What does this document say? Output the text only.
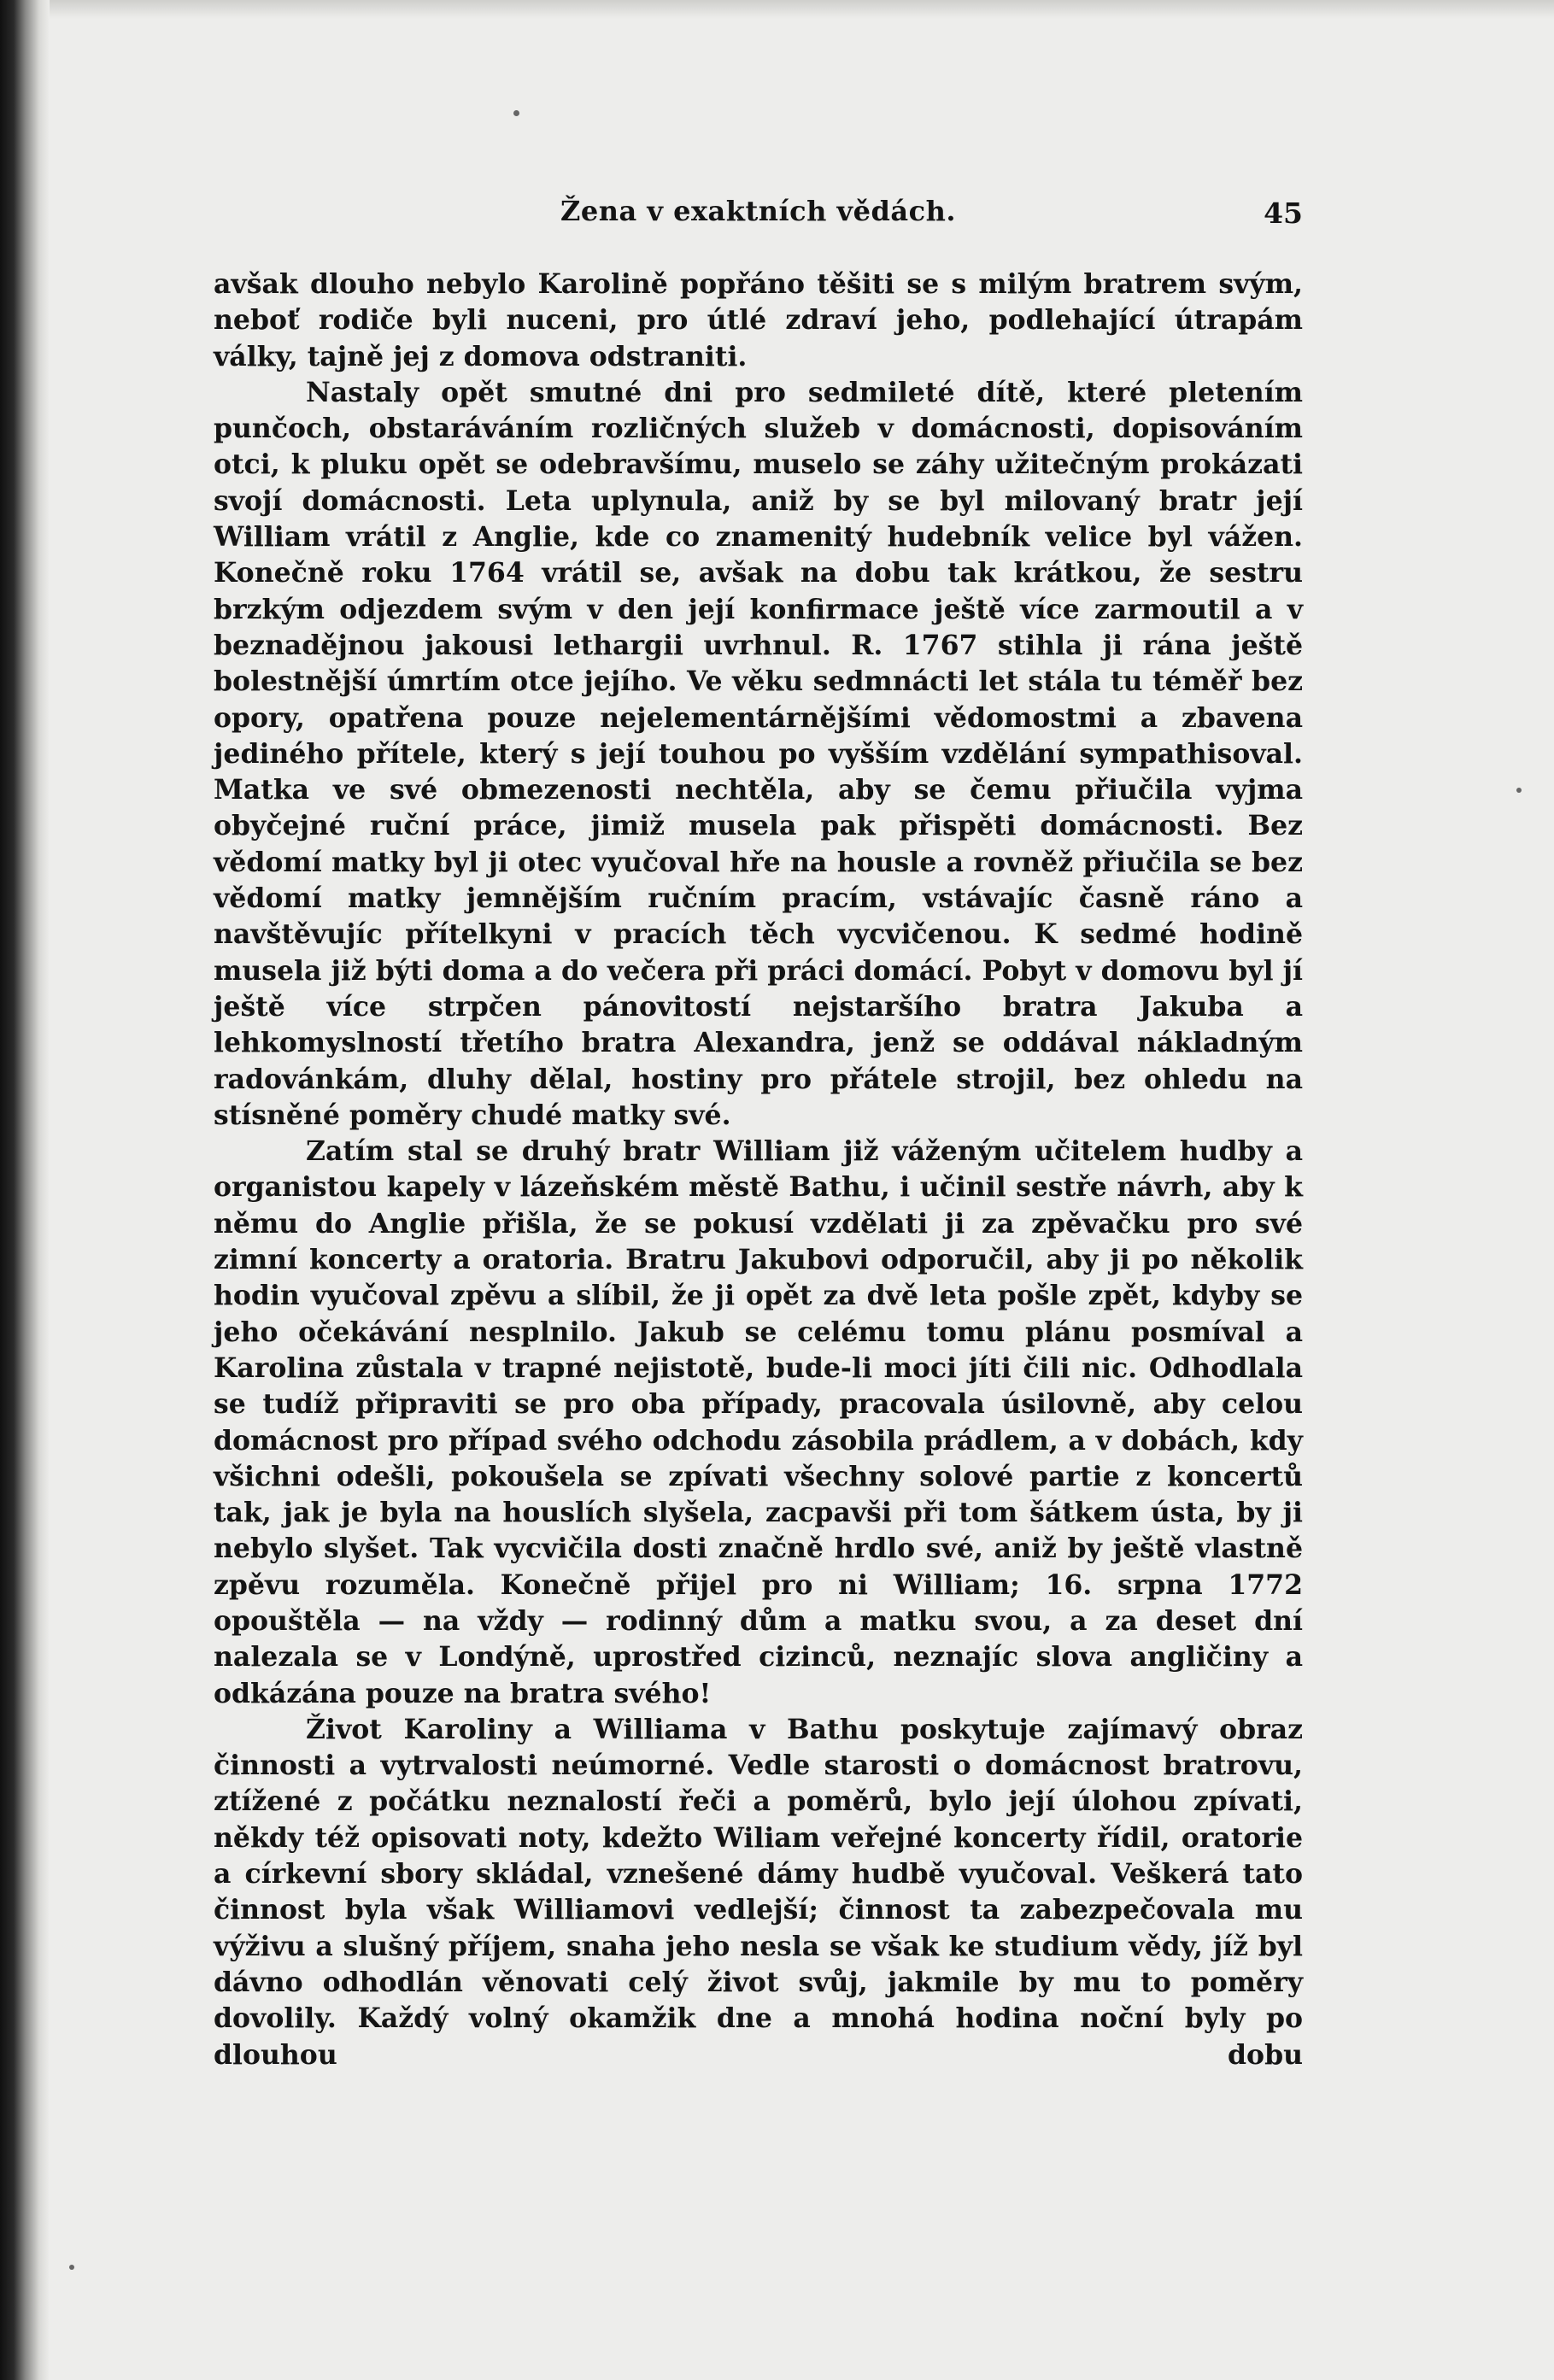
Žena v exaktních vědách.	45

avšak dlouho nebylo Karolině popřáno těšiti se s milým bratrem svým, neboť rodiče byli nuceni, pro útlé zdraví jeho, podlehající útrapám války, tajně jej z domova odstraniti.

Nastaly opět smutné dni pro sedmileté dítě, které pletením punčoch, obstaráváním rozličných služeb v domácnosti, dopisováním otci, k pluku opět se odebravšímu, muselo se záhy užitečným prokázati svojí domácnosti. Leta uplynula, aniž by se byl milovaný bratr její William vrátil z Anglie, kde co znamenitý hudebník velice byl vážen. Konečně roku 1764 vrátil se, avšak na dobu tak krátkou, že sestru brzkým odjezdem svým v den její konfirmace ještě více zarmoutil a v beznadějnou jakousi lethargii uvrhnul. R. 1767 stihla ji rána ještě bolestnější úmrtím otce jejího. Ve věku sedmnácti let stála tu téměř bez opory, opatřena pouze nejelementárnějšími vědomostmi a zbavena jediného přítele, který s její touhou po vyšším vzdělání sympathisoval. Matka ve své obmezenosti nechtěla, aby se čemu přiučila vyjma obyčejné ruční práce, jimiž musela pak přispěti domácnosti. Bez vědomí matky byl ji otec vyučoval hře na housle a rovněž přiučila se bez vědomí matky jemnějším ručním pracím, vstávajíc časně ráno a navštěvujíc přítelkyni v pracích těch vycvičenou. K sedmé hodině musela již býti doma a do večera při práci domácí. Pobyt v domovu byl jí ještě více strpčen pánovitostí nejstaršího bratra Jakuba a lehkomyslností třetího bratra Alexandra, jenž se oddával nákladným radovánkám, dluhy dělal, hostiny pro přátele strojil, bez ohledu na stísněné poměry chudé matky své.

Zatím stal se druhý bratr William již váženým učitelem hudby a organistou kapely v lázeňském městě Bathu, i učinil sestře návrh, aby k němu do Anglie přišla, že se pokusí vzdělati ji za zpěvačku pro své zimní koncerty a oratoria. Bratru Jakubovi odporučil, aby ji po několik hodin vyučoval zpěvu a slíbil, že ji opět za dvě leta pošle zpět, kdyby se jeho očekávání nesplnilo. Jakub se celému tomu plánu posmíval a Karolina zůstala v trapné nejistotě, bude-li moci jíti čili nic. Odhodlala se tudíž připraviti se pro oba případy, pracovala úsilovně, aby celou domácnost pro případ svého odchodu zásobila prádlem, a v dobách, kdy všichni odešli, pokoušela se zpívati všechny solové partie z koncertů tak, jak je byla na houslích slyšela, zacpavši při tom šátkem ústa, by ji nebylo slyšet. Tak vycvičila dosti značně hrdlo své, aniž by ještě vlastně zpěvu rozuměla. Konečně přijel pro ni William; 16. srpna 1772 opouštěla — na vždy — rodinný dům a matku svou, a za deset dní nalezala se v Londýně, uprostřed cizinců, neznajíc slova angličiny a odkázána pouze na bratra svého!

Život Karoliny a Williama v Bathu poskytuje zajímavý obraz činnosti a vytrvalosti neúmorné. Vedle starosti o domácnost bratrovu, ztížené z počátku neznalostí řeči a poměrů, bylo její úlohou zpívati, někdy též opisovati noty, kdežto Wiliam veřejné koncerty řídil, oratorie a církevní sbory skládal, vznešené dámy hudbě vyučoval. Veškerá tato činnost byla však Williamovi vedlejší; činnost ta zabezpečovala mu výživu a slušný příjem, snaha jeho nesla se však ke studium vědy, jíž byl dávno odhodlán věnovati celý život svůj, jakmile by mu to poměry dovolily. Každý volný okamžik dne a mnohá hodina noční byly po dlouhou dobu
